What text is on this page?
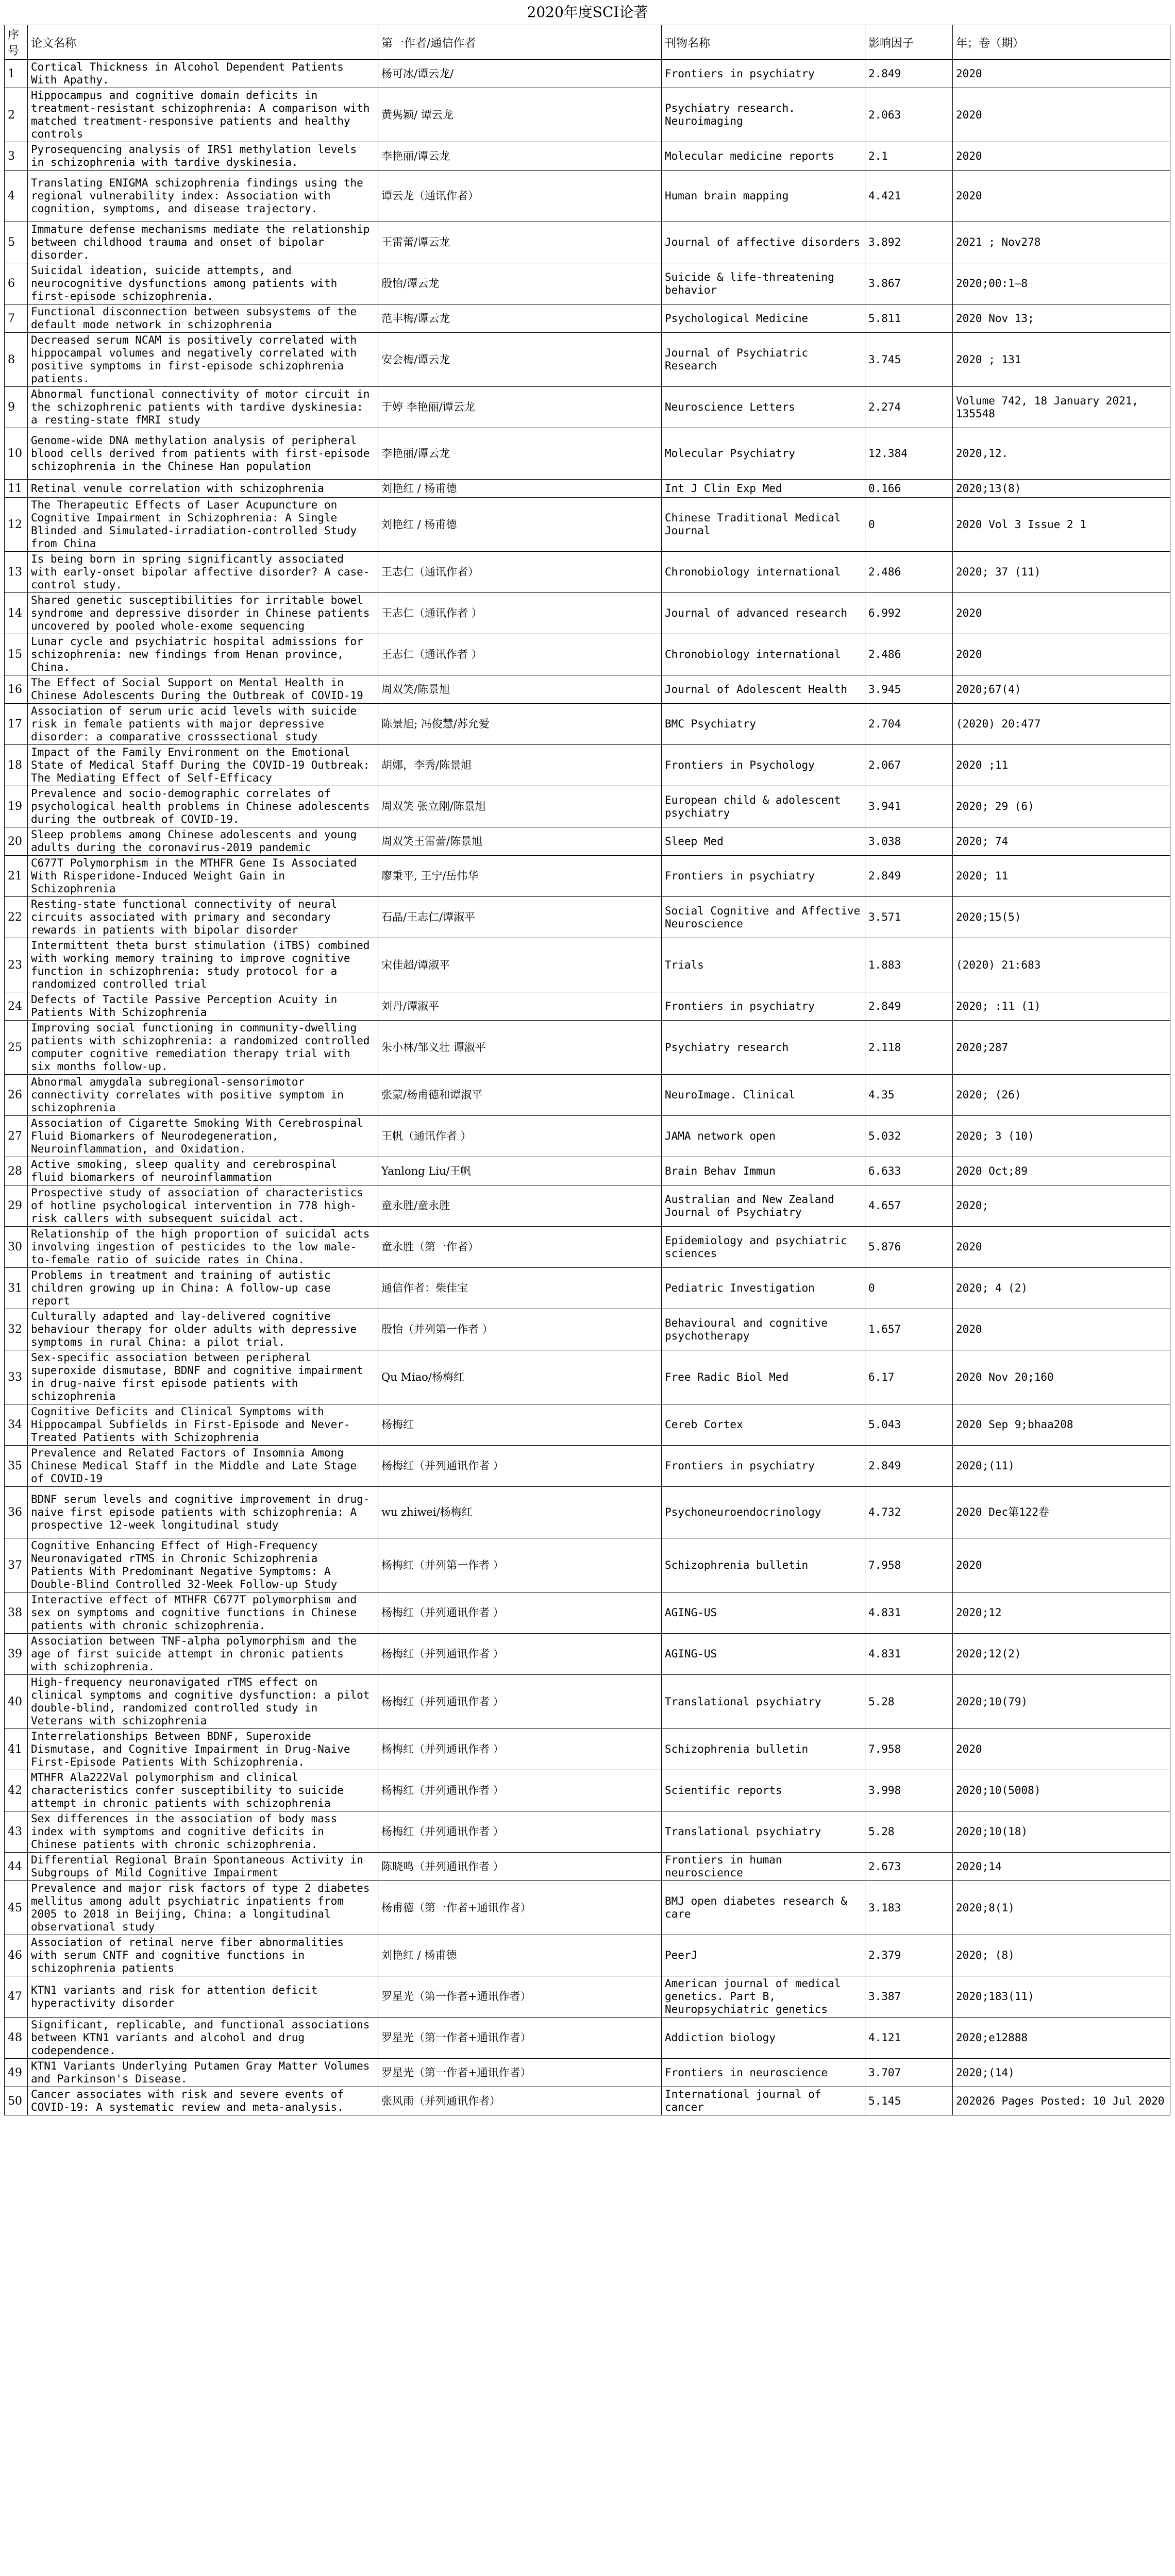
2020年度SCI论著
序号	论文名称	第一作者/通信作者	刊物名称	影响因子	年；卷（期）
1	Cortical Thickness in Alcohol Dependent Patients With Apathy.	杨可冰/谭云龙/	Frontiers in psychiatry	2.849	2020
2	Hippocampus and cognitive domain deficits in treatment-resistant schizophrenia: A comparison with matched treatment-responsive patients and healthy controls	黄隽颖/ 谭云龙	Psychiatry research. Neuroimaging	2.063	2020
3	Pyrosequencing analysis of IRS1 methylation levels in schizophrenia with tardive dyskinesia.	李艳丽/谭云龙	Molecular medicine reports	2.1	2020
4	Translating ENIGMA schizophrenia findings using the regional vulnerability index: Association with cognition, symptoms, and disease trajectory.	谭云龙（通讯作者）	Human brain mapping	4.421	2020
5	Immature defense mechanisms mediate the relationship between childhood trauma and onset of bipolar disorder.	王雷蕾/谭云龙	Journal of affective disorders	3.892	2021 ; Nov278
6	Suicidal ideation, suicide attempts, and neurocognitive dysfunctions among patients with first-episode schizophrenia.	殷怡/谭云龙	Suicide & life-threatening behavior	3.867	2020;00:1–8
7	Functional disconnection between subsystems of the default mode network in schizophrenia	范丰梅/谭云龙	Psychological Medicine	5.811	2020 Nov 13;
8	Decreased serum NCAM is positively correlated with hippocampal volumes and negatively correlated with positive symptoms in first-episode schizophrenia patients.	安会梅/谭云龙	Journal of Psychiatric Research	3.745	2020 ; 131
9	Abnormal functional connectivity of motor circuit in the schizophrenic patients with tardive dyskinesia: a resting-state fMRI study	于婷 李艳丽/谭云龙	Neuroscience Letters	2.274	Volume 742, 18 January 2021, 135548
10	Genome-wide DNA methylation analysis of peripheral blood cells derived from patients with first-episode schizophrenia in the Chinese Han population	李艳丽/谭云龙	Molecular Psychiatry	12.384	2020,12.
11	Retinal venule correlation with schizophrenia	刘艳红 / 杨甫德	Int J Clin Exp Med	0.166	2020;13(8)
12	The Therapeutic Effects of Laser Acupuncture on Cognitive Impairment in Schizophrenia: A Single Blinded and Simulated-irradiation-controlled Study from China	刘艳红 / 杨甫德	Chinese Traditional Medical Journal	0	2020 Vol 3 Issue 2 1
13	Is being born in spring significantly associated with early-onset bipolar affective disorder? A case-control study.	王志仁（通讯作者）	Chronobiology international	2.486	2020; 37 (11)
14	Shared genetic susceptibilities for irritable bowel syndrome and depressive disorder in Chinese patients uncovered by pooled whole-exome sequencing	王志仁（通讯作者 ）	Journal of advanced research	6.992	2020
15	Lunar cycle and psychiatric hospital admissions for schizophrenia: new findings from Henan province, China.	王志仁（通讯作者 ）	Chronobiology international	2.486	2020
16	The Effect of Social Support on Mental Health in Chinese Adolescents During the Outbreak of COVID-19	周双笑/陈景旭	Journal of Adolescent Health	3.945	2020;67(4)
17	Association of serum uric acid levels with suicide risk in female patients with major depressive disorder: a comparative crosssectional study	陈景旭; 冯俊慧/苏允爱	BMC Psychiatry	2.704	(2020) 20:477
18	Impact of the Family Environment on the Emotional State of Medical Staff During the COVID-19 Outbreak: The Mediating Effect of Self-Efficacy	胡娜，李秀/陈景旭	Frontiers in Psychology	2.067	2020 ;11
19	Prevalence and socio-demographic correlates of psychological health problems in Chinese adolescents during the outbreak of COVID-19.	周双笑 张立刚/陈景旭	European child & adolescent psychiatry	3.941	2020; 29 (6)
20	Sleep problems among Chinese adolescents and young adults during the coronavirus-2019 pandemic	周双笑王雷蕾/陈景旭	Sleep Med	3.038	2020; 74
21	C677T Polymorphism in the MTHFR Gene Is Associated With Risperidone-Induced Weight Gain in Schizophrenia	廖秉平, 王宁/岳伟华	Frontiers in psychiatry	2.849	2020; 11
22	Resting-state functional connectivity of neural circuits associated with primary and secondary rewards in patients with bipolar disorder	石晶/王志仁/谭淑平	Social Cognitive and Affective Neuroscience	3.571	2020;15(5)
23	Intermittent theta burst stimulation (iTBS) combined with working memory training to improve cognitive function in schizophrenia: study protocol for a randomized controlled trial	宋佳超/谭淑平	Trials	1.883	(2020) 21:683
24	Defects of Tactile Passive Perception Acuity in Patients With Schizophrenia	刘丹/谭淑平	Frontiers in psychiatry	2.849	2020; :11 (1)
25	Improving social functioning in community-dwelling patients with schizophrenia: a randomized controlled computer cognitive remediation therapy trial with six months follow-up.	朱小林/邹义壮 谭淑平	Psychiatry research	2.118	2020;287
26	Abnormal amygdala subregional-sensorimotor connectivity correlates with positive symptom in schizophrenia	张蒙/杨甫德和谭淑平	NeuroImage. Clinical	4.35	2020; (26)
27	Association of Cigarette Smoking With Cerebrospinal Fluid Biomarkers of Neurodegeneration, Neuroinflammation, and Oxidation.	王帆（通讯作者 ）	JAMA network open	5.032	2020; 3 (10)
28	Active smoking, sleep quality and cerebrospinal fluid biomarkers of neuroinflammation	Yanlong Liu/王帆	Brain Behav Immun	6.633	2020 Oct;89
29	Prospective study of association of characteristics of hotline psychological intervention in 778 high-risk callers with subsequent suicidal act.	童永胜/童永胜	Australian and New Zealand Journal of Psychiatry	4.657	2020;
30	Relationship of the high proportion of suicidal acts involving ingestion of pesticides to the low male-to-female ratio of suicide rates in China.	童永胜（第一作者）	Epidemiology and psychiatric sciences	5.876	2020
31	Problems in treatment and training of autistic children growing up in China: A follow-up case report	通信作者：柴佳宝	Pediatric Investigation	0	2020; 4 (2)
32	Culturally adapted and lay-delivered cognitive behaviour therapy for older adults with depressive symptoms in rural China: a pilot trial.	殷怡（并列第一作者 ）	Behavioural and cognitive psychotherapy	1.657	2020
33	Sex-specific association between peripheral superoxide dismutase, BDNF and cognitive impairment in drug-naive first episode patients with schizophrenia	Qu Miao/杨梅红	Free Radic Biol Med	6.17	2020 Nov 20;160
34	Cognitive Deficits and Clinical Symptoms with Hippocampal Subfields in First-Episode and Never-Treated Patients with Schizophrenia	杨梅红	Cereb Cortex	5.043	2020 Sep 9;bhaa208
35	Prevalence and Related Factors of Insomnia Among Chinese Medical Staff in the Middle and Late Stage of COVID-19	杨梅红（并列通讯作者 ）	Frontiers in psychiatry	2.849	2020;(11)
36	BDNF serum levels and cognitive improvement in drug-naive first episode patients with schizophrenia: A prospective 12-week longitudinal study	wu zhiwei/杨梅红	Psychoneuroendocrinology	4.732	2020 Dec第122卷
37	Cognitive Enhancing Effect of High-Frequency Neuronavigated rTMS in Chronic Schizophrenia Patients With Predominant Negative Symptoms: A Double-Blind Controlled 32-Week Follow-up Study	杨梅红（并列第一作者 ）	Schizophrenia bulletin	7.958	2020
38	Interactive effect of MTHFR C677T polymorphism and sex on symptoms and cognitive functions in Chinese patients with chronic schizophrenia.	杨梅红（并列通讯作者 ）	AGING-US	4.831	2020;12
39	Association between TNF-alpha polymorphism and the age of first suicide attempt in chronic patients with schizophrenia.	杨梅红（并列通讯作者 ）	AGING-US	4.831	2020;12(2)
40	High-frequency neuronavigated rTMS effect on clinical symptoms and cognitive dysfunction: a pilot double-blind, randomized controlled study in Veterans with schizophrenia	杨梅红（并列通讯作者 ）	Translational psychiatry	5.28	2020;10(79)
41	Interrelationships Between BDNF, Superoxide Dismutase, and Cognitive Impairment in Drug-Naive First-Episode Patients With Schizophrenia.	杨梅红（并列通讯作者 ）	Schizophrenia bulletin	7.958	2020
42	MTHFR Ala222Val polymorphism and clinical characteristics confer susceptibility to suicide attempt in chronic patients with schizophrenia	杨梅红（并列通讯作者 ）	Scientific reports	3.998	2020;10(5008)
43	Sex differences in the association of body mass index with symptoms and cognitive deficits in Chinese patients with chronic schizophrenia.	杨梅红（并列通讯作者 ）	Translational psychiatry	5.28	2020;10(18)
44	Differential Regional Brain Spontaneous Activity in Subgroups of Mild Cognitive Impairment	陈晓鸣（并列通讯作者 ）	Frontiers in human neuroscience	2.673	2020;14
45	Prevalence and major risk factors of type 2 diabetes mellitus among adult psychiatric inpatients from 2005 to 2018 in Beijing, China: a longitudinal observational study	杨甫德（第一作者+通讯作者）	BMJ open diabetes research & care	3.183	2020;8(1)
46	Association of retinal nerve fiber abnormalities with serum CNTF and cognitive functions in schizophrenia patients	刘艳红 / 杨甫德	PeerJ	2.379	2020; (8)
47	KTN1 variants and risk for attention deficit hyperactivity disorder	罗星光（第一作者+通讯作者）	American journal of medical genetics. Part B, Neuropsychiatric genetics	3.387	2020;183(11)
48	Significant, replicable, and functional associations between KTN1 variants and alcohol and drug codependence.	罗星光（第一作者+通讯作者）	Addiction biology	4.121	2020;e12888
49	KTN1 Variants Underlying Putamen Gray Matter Volumes and Parkinson's Disease.	罗星光（第一作者+通讯作者）	Frontiers in neuroscience	3.707	2020;(14)
50	Cancer associates with risk and severe events of COVID-19: A systematic review and meta-analysis.	张风雨（并列通讯作者）	International journal of cancer	5.145	202026 Pages Posted: 10 Jul 2020
